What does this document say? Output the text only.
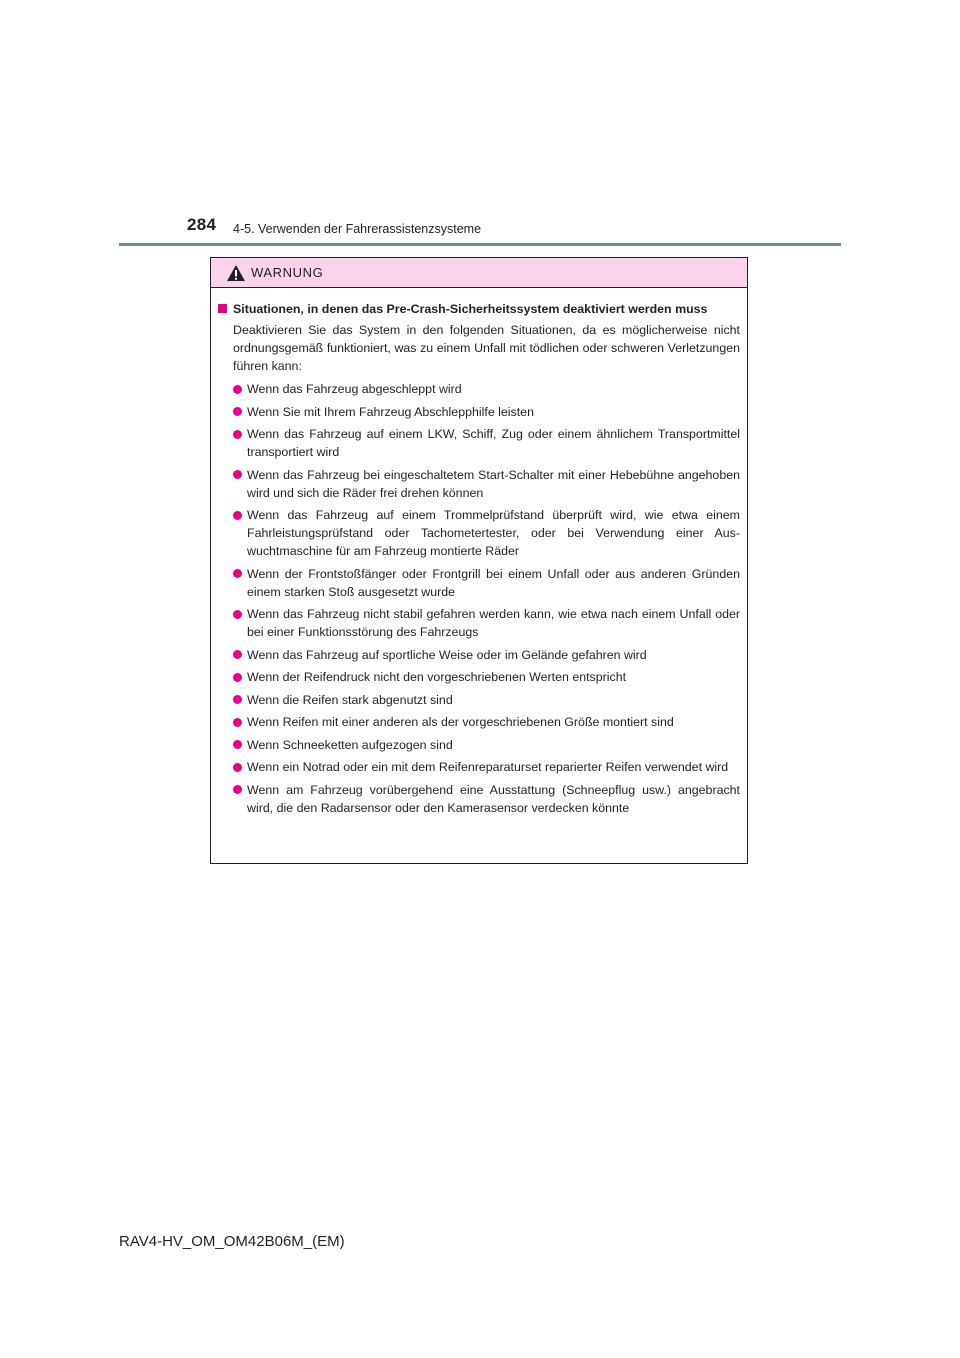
284 4-5. Verwenden der Fahrerassistenzsysteme
WARNUNG
Situationen, in denen das Pre-Crash-Sicherheitssystem deaktiviert werden muss
Deaktivieren Sie das System in den folgenden Situationen, da es möglicherweise nicht ordnungsgemäß funktioniert, was zu einem Unfall mit tödlichen oder schweren Verletzungen führen kann:
Wenn das Fahrzeug abgeschleppt wird
Wenn Sie mit Ihrem Fahrzeug Abschlepphilfe leisten
Wenn das Fahrzeug auf einem LKW, Schiff, Zug oder einem ähnlichem Transportmittel transportiert wird
Wenn das Fahrzeug bei eingeschaltetem Start-Schalter mit einer Hebebühne angehoben wird und sich die Räder frei drehen können
Wenn das Fahrzeug auf einem Trommelprüfstand überprüft wird, wie etwa einem Fahrleistungsprüfstand oder Tachometertester, oder bei Verwendung einer Auswuchtmaschine für am Fahrzeug montierte Räder
Wenn der Frontstoßfänger oder Frontgrill bei einem Unfall oder aus anderen Gründen einem starken Stoß ausgesetzt wurde
Wenn das Fahrzeug nicht stabil gefahren werden kann, wie etwa nach einem Unfall oder bei einer Funktionsstörung des Fahrzeugs
Wenn das Fahrzeug auf sportliche Weise oder im Gelände gefahren wird
Wenn der Reifendruck nicht den vorgeschriebenen Werten entspricht
Wenn die Reifen stark abgenutzt sind
Wenn Reifen mit einer anderen als der vorgeschriebenen Größe montiert sind
Wenn Schneeketten aufgezogen sind
Wenn ein Notrad oder ein mit dem Reifenreparaturset reparierter Reifen verwendet wird
Wenn am Fahrzeug vorübergehend eine Ausstattung (Schneepflug usw.) angebracht wird, die den Radarsensor oder den Kamerasensor verdecken könnte
RAV4-HV_OM_OM42B06M_(EM)
